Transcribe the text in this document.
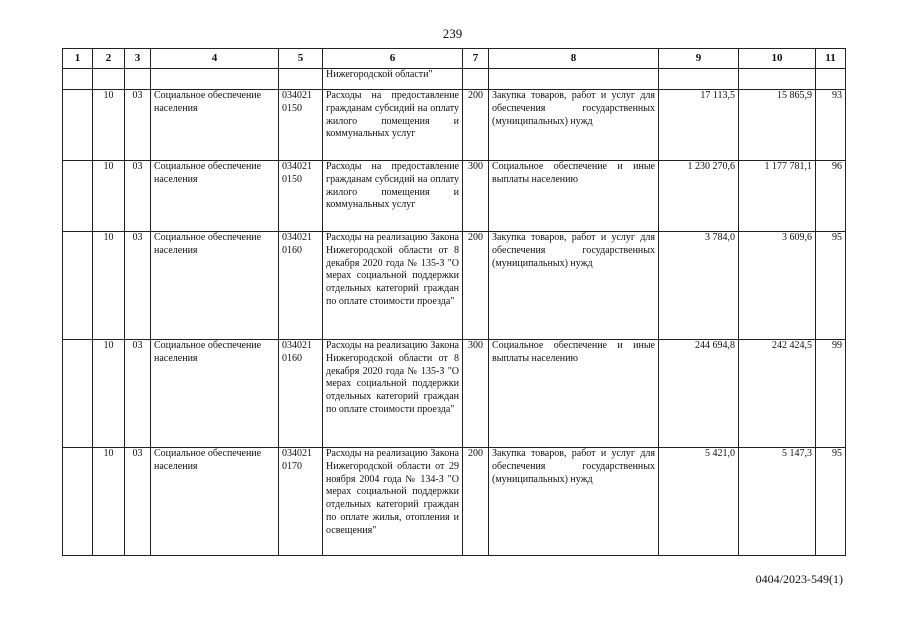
239
1	2	3	4	5	6	7	8	9	10	11
					Нижегородской области"					
	10	03	Социальное обеспечение населения	034021 0150	Расходы на предоставление гражданам субсидий на оплату жилого помещения и коммунальных услуг	200	Закупка товаров, работ и услуг для обеспечения государственных (муниципальных) нужд	17 113,5	15 865,9	93
	10	03	Социальное обеспечение населения	034021 0150	Расходы на предоставление гражданам субсидий на оплату жилого помещения и коммунальных услуг	300	Социальное обеспечение и иные выплаты населению	1 230 270,6	1 177 781,1	96
	10	03	Социальное обеспечение населения	034021 0160	Расходы на реализацию Закона Нижегородской области от 8 декабря 2020 года № 135-З "О мерах социальной поддержки отдельных категорий граждан по оплате стоимости проезда"	200	Закупка товаров, работ и услуг для обеспечения государственных (муниципальных) нужд	3 784,0	3 609,6	95
	10	03	Социальное обеспечение населения	034021 0160	Расходы на реализацию Закона Нижегородской области от 8 декабря 2020 года № 135-З "О мерах социальной поддержки отдельных категорий граждан по оплате стоимости проезда"	300	Социальное обеспечение и иные выплаты населению	244 694,8	242 424,5	99
	10	03	Социальное обеспечение населения	034021 0170	Расходы на реализацию Закона Нижегородской области от 29 ноября 2004 года № 134-З "О мерах социальной поддержки отдельных категорий граждан по оплате жилья, отопления и освещения"	200	Закупка товаров, работ и услуг для обеспечения государственных (муниципальных) нужд	5 421,0	5 147,3	95
0404/2023-549(1)
